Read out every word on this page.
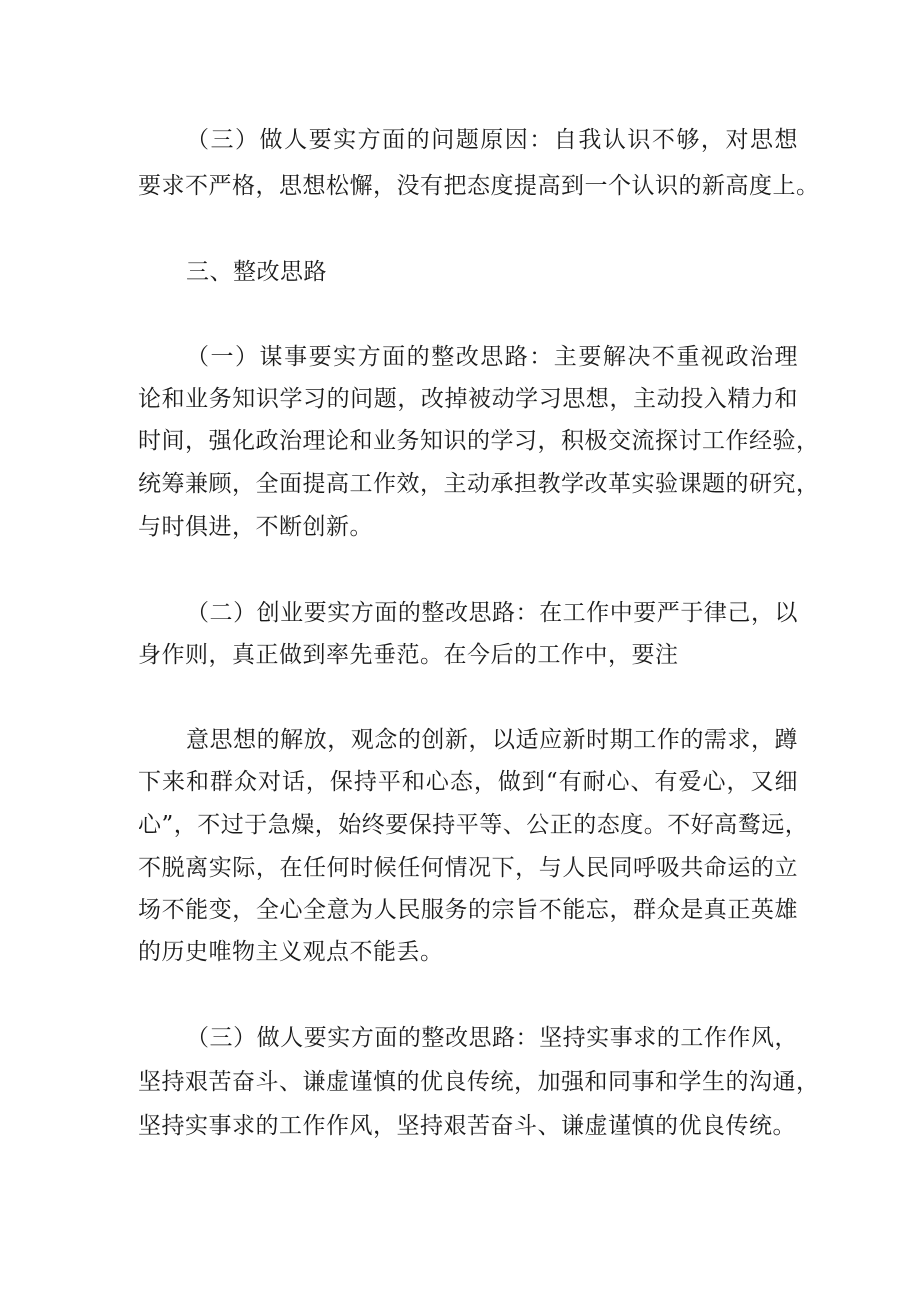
（三）做人要实方面的问题原因：自我认识不够，对思想
要求不严格，思想松懈，没有把态度提高到一个认识的新高度上。
三、整改思路
（一）谋事要实方面的整改思路：主要解决不重视政治理
论和业务知识学习的问题，改掉被动学习思想，主动投入精力和
时间，强化政治理论和业务知识的学习，积极交流探讨工作经验，
统筹兼顾，全面提高工作效，主动承担教学改革实验课题的研究，
与时俱进，不断创新。
（二）创业要实方面的整改思路：在工作中要严于律己，以
身作则，真正做到率先垂范。在今后的工作中，要注
意思想的解放，观念的创新，以适应新时期工作的需求，蹲
下来和群众对话，保持平和心态，做到“有耐心、有爱心，又细
心”，不过于急燥，始终要保持平等、公正的态度。不好高鹜远，
不脱离实际，在任何时候任何情况下，与人民同呼吸共命运的立
场不能变，全心全意为人民服务的宗旨不能忘，群众是真正英雄
的历史唯物主义观点不能丢。
（三）做人要实方面的整改思路：坚持实事求的工作作风，
坚持艰苦奋斗、谦虚谨慎的优良传统，加强和同事和学生的沟通，
坚持实事求的工作作风，坚持艰苦奋斗、谦虚谨慎的优良传统。
